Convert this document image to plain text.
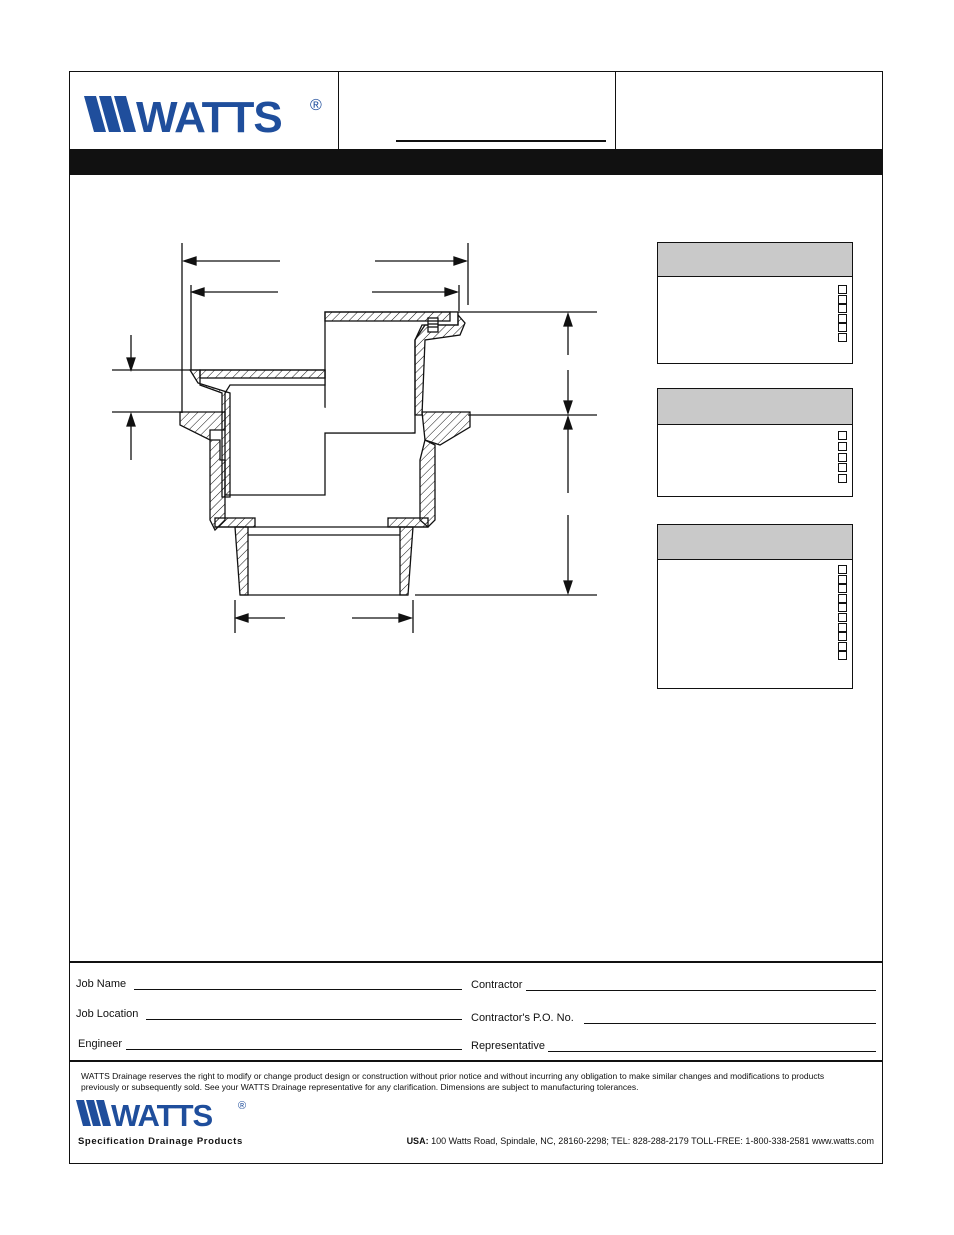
WATTS ®
Job Name
Job Location
Engineer
Contractor
Contractor's P.O. No.
Representative
WATTS Drainage reserves the right to modify or change product design or construction without prior notice and without incurring any obligation to make similar changes and modifications to products previously or subsequently sold. See your WATTS Drainage representative for any clarification. Dimensions are subject to manufacturing tolerances.
WATTS ®
Specification Drainage Products	USA: 100 Watts Road, Spindale, NC, 28160-2298; TEL: 828-288-2179 TOLL-FREE: 1-800-338-2581 www.watts.com
